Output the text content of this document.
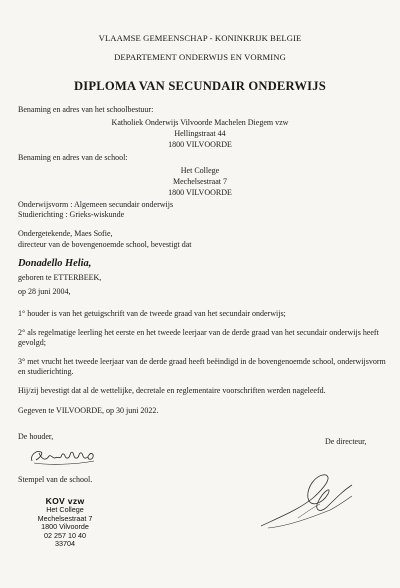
VLAAMSE GEMEENSCHAP - KONINKRIJK BELGIE
DEPARTEMENT ONDERWIJS EN VORMING
DIPLOMA VAN SECUNDAIR ONDERWIJS
Benaming en adres van het schoolbestuur:
Katholiek Onderwijs Vilvoorde Machelen Diegem vzw
Hellingstraat 44
1800 VILVOORDE
Benaming en adres van de school:
Het College
Mechelsestraat 7
1800 VILVOORDE
Onderwijsvorm : Algemeen secundair onderwijs
Studierichting : Grieks-wiskunde
Ondergetekende, Maes Sofie,
directeur van de bovengenoemde school, bevestigt dat
Donadello Helia,
geboren te ETTERBEEK,
op 28 juni 2004,
1° houder is van het getuigschrift van de tweede graad van het secundair onderwijs;
2° als regelmatige leerling het eerste en het tweede leerjaar van de derde graad van het secundair onderwijs heeft gevolgd;
3° met vrucht het tweede leerjaar van de derde graad heeft beëindigd in de bovengenoemde school, onderwijsvorm en studierichting.
Hij/zij bevestigt dat al de wettelijke, decretale en reglementaire voorschriften werden nageleefd.
Gegeven te VILVOORDE, op 30 juni 2022.
De houder,
De directeur,
Stempel van de school.
KOV vzw
Het College
Mechelsestraat 7
1800 Vilvoorde
02 257 10 40
33704
